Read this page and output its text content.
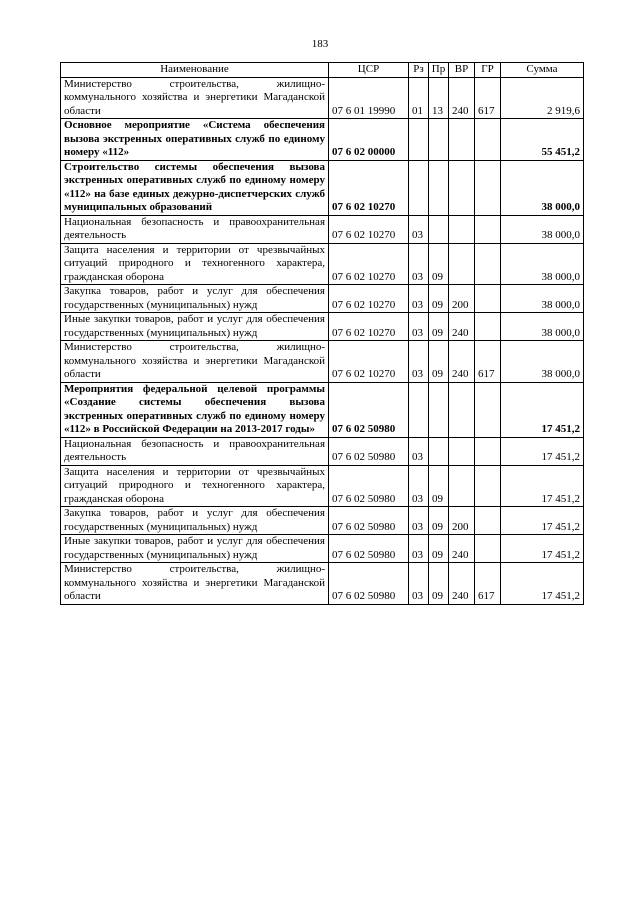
183
Наименование	ЦСР	Рз	Пр	ВР	ГР	Сумма
Министерство строительства, жилищно-коммунального хозяйства и энергетики Магаданской области	07 6 01 19990	01	13	240	617	2 919,6
Основное мероприятие «Система обеспечения вызова экстренных оперативных служб по единому номеру «112»	07 6 02 00000					55 451,2
Строительство системы обеспечения вызова экстренных оперативных служб по единому номеру «112» на базе единых дежурно-диспетчерских служб муниципальных образований	07 6 02 10270					38 000,0
Национальная безопасность и правоохранительная деятельность	07 6 02 10270	03				38 000,0
Защита населения и территории от чрезвычайных ситуаций природного и техногенного характера, гражданская оборона	07 6 02 10270	03	09			38 000,0
Закупка товаров, работ и услуг для обеспечения государственных (муниципальных) нужд	07 6 02 10270	03	09	200		38 000,0
Иные закупки товаров, работ и услуг для обеспечения государственных (муниципальных) нужд	07 6 02 10270	03	09	240		38 000,0
Министерство строительства, жилищно-коммунального хозяйства и энергетики Магаданской области	07 6 02 10270	03	09	240	617	38 000,0
Мероприятия федеральной целевой программы «Создание системы обеспечения вызова экстренных оперативных служб по единому номеру «112» в Российской Федерации на 2013-2017 годы»	07 6 02 50980					17 451,2
Национальная безопасность и правоохранительная деятельность	07 6 02 50980	03				17 451,2
Защита населения и территории от чрезвычайных ситуаций природного и техногенного характера, гражданская оборона	07 6 02 50980	03	09			17 451,2
Закупка товаров, работ и услуг для обеспечения государственных (муниципальных) нужд	07 6 02 50980	03	09	200		17 451,2
Иные закупки товаров, работ и услуг для обеспечения государственных (муниципальных) нужд	07 6 02 50980	03	09	240		17 451,2
Министерство строительства, жилищно-коммунального хозяйства и энергетики Магаданской области	07 6 02 50980	03	09	240	617	17 451,2
